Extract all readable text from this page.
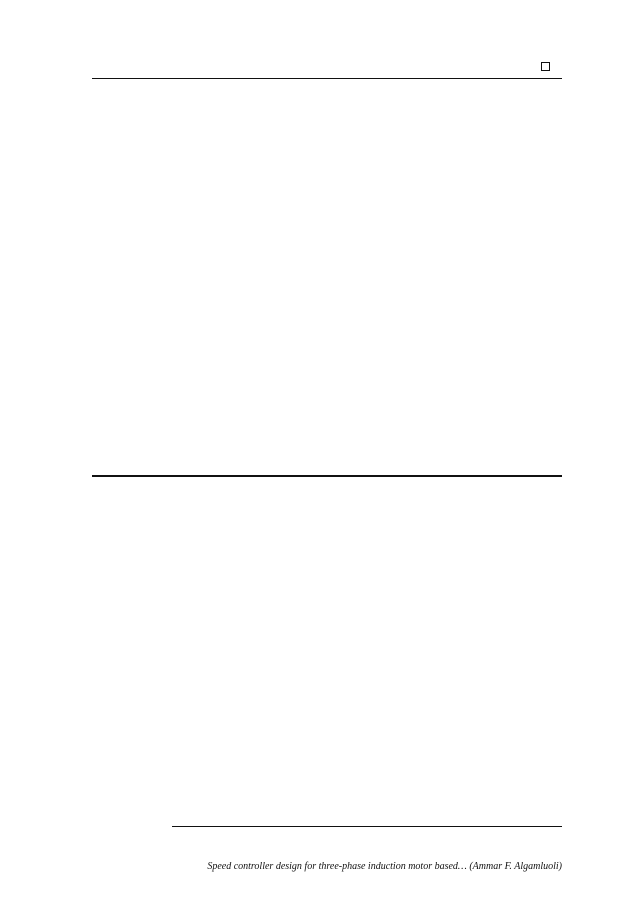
Speed controller design for three-phase induction motor based… (Ammar F. Algamluoli)
